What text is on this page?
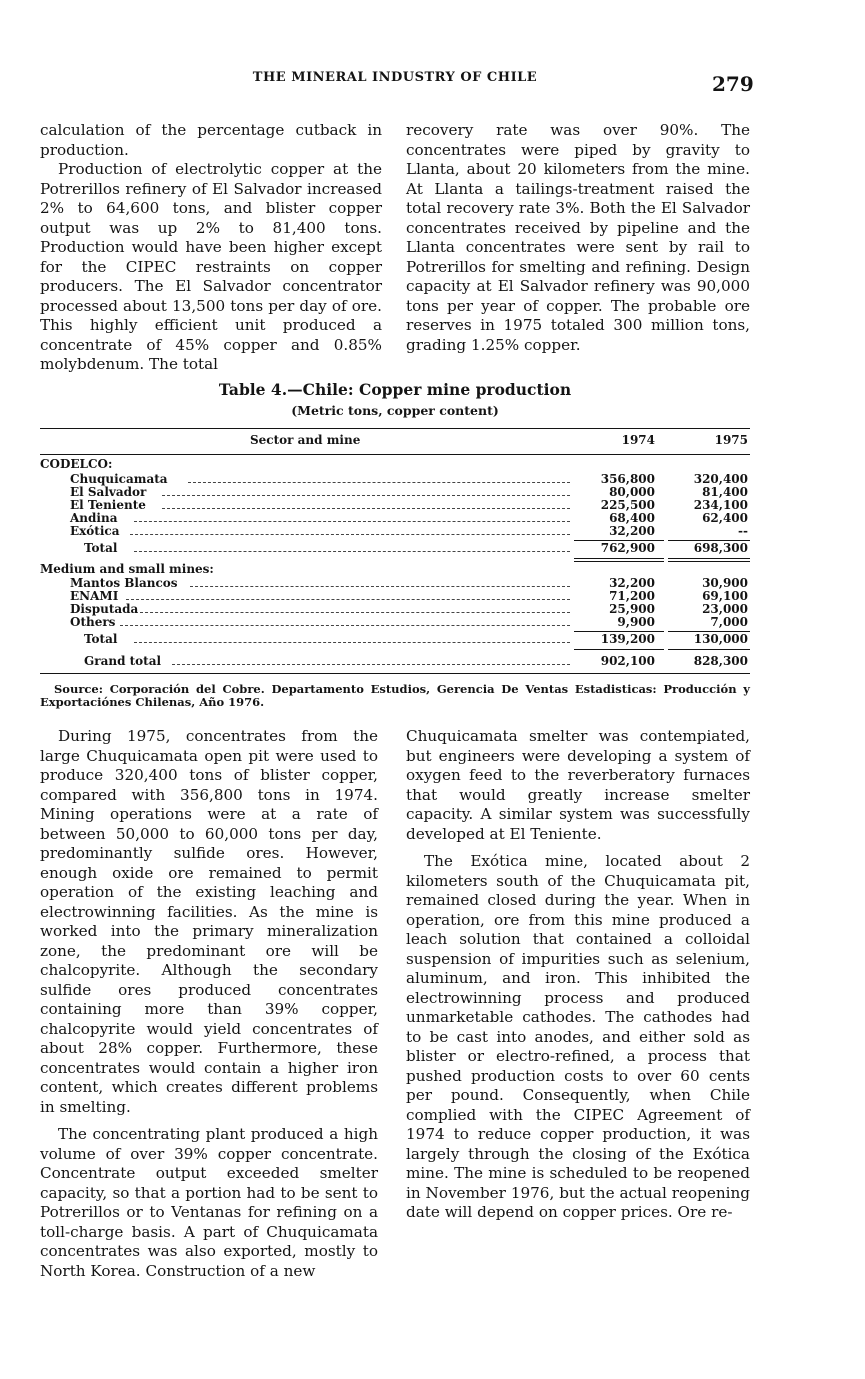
THE MINERAL INDUSTRY OF CHILE	279

calculation of the percentage cutback in production.

Production of electrolytic copper at the Potrerillos refinery of El Salvador increased 2% to 64,600 tons, and blister copper output was up 2% to 81,400 tons. Production would have been higher except for the CIPEC restraints on copper producers. The El Salvador concentrator processed about 13,500 tons per day of ore. This highly efficient unit produced a concentrate of 45% copper and 0.85% molybdenum. The total

recovery rate was over 90%. The concentrates were piped by gravity to Llanta, about 20 kilometers from the mine. At Llanta a tailings-treatment raised the total recovery rate 3%. Both the El Salvador concentrates received by pipeline and the Llanta concentrates were sent by rail to Potrerillos for smelting and refining. Design capacity at El Salvador refinery was 90,000 tons per year of copper. The probable ore reserves in 1975 totaled 300 million tons, grading 1.25% copper.

Table 4.—Chile: Copper mine production
(Metric tons, copper content)
Sector and mine	1974	1975
CODELCO:
Chuquicamata	356,800	320,400
El Salvador	80,000	81,400
El Teniente	225,500	234,100
Andina	68,400	62,400
Exótica	32,200	--
Total	762,900	698,300
Medium and small mines:
Mantos Blancos	32,200	30,900
ENAMI	71,200	69,100
Disputada	25,900	23,000
Others	9,900	7,000
Total	139,200	130,000
Grand total	902,100	828,300
Source: Corporación del Cobre. Departamento Estudios, Gerencia De Ventas Estadisticas: Producción y Exportaciónes Chilenas, Año 1976.

During 1975, concentrates from the large Chuquicamata open pit were used to produce 320,400 tons of blister copper, compared with 356,800 tons in 1974. Mining operations were at a rate of between 50,000 to 60,000 tons per day, predominantly sulfide ores. However, enough oxide ore remained to permit operation of the existing leaching and electrowinning facilities. As the mine is worked into the primary mineralization zone, the predominant ore will be chalcopyrite. Although the secondary sulfide ores produced concentrates containing more than 39% copper, chalcopyrite would yield concentrates of about 28% copper. Furthermore, these concentrates would contain a higher iron content, which creates different problems in smelting.

The concentrating plant produced a high volume of over 39% copper concentrate. Concentrate output exceeded smelter capacity, so that a portion had to be sent to Potrerillos or to Ventanas for refining on a toll-charge basis. A part of Chuquicamata concentrates was also exported, mostly to North Korea. Construction of a new

Chuquicamata smelter was contempiated, but engineers were developing a system of oxygen feed to the reverberatory furnaces that would greatly increase smelter capacity. A similar system was successfully developed at El Teniente.

The Exótica mine, located about 2 kilometers south of the Chuquicamata pit, remained closed during the year. When in operation, ore from this mine produced a leach solution that contained a colloidal suspension of impurities such as selenium, aluminum, and iron. This inhibited the electrowinning process and produced unmarketable cathodes. The cathodes had to be cast into anodes, and either sold as blister or electro-refined, a process that pushed production costs to over 60 cents per pound. Consequently, when Chile complied with the CIPEC Agreement of 1974 to reduce copper production, it was largely through the closing of the Exótica mine. The mine is scheduled to be reopened in November 1976, but the actual reopening date will depend on copper prices. Ore re-
